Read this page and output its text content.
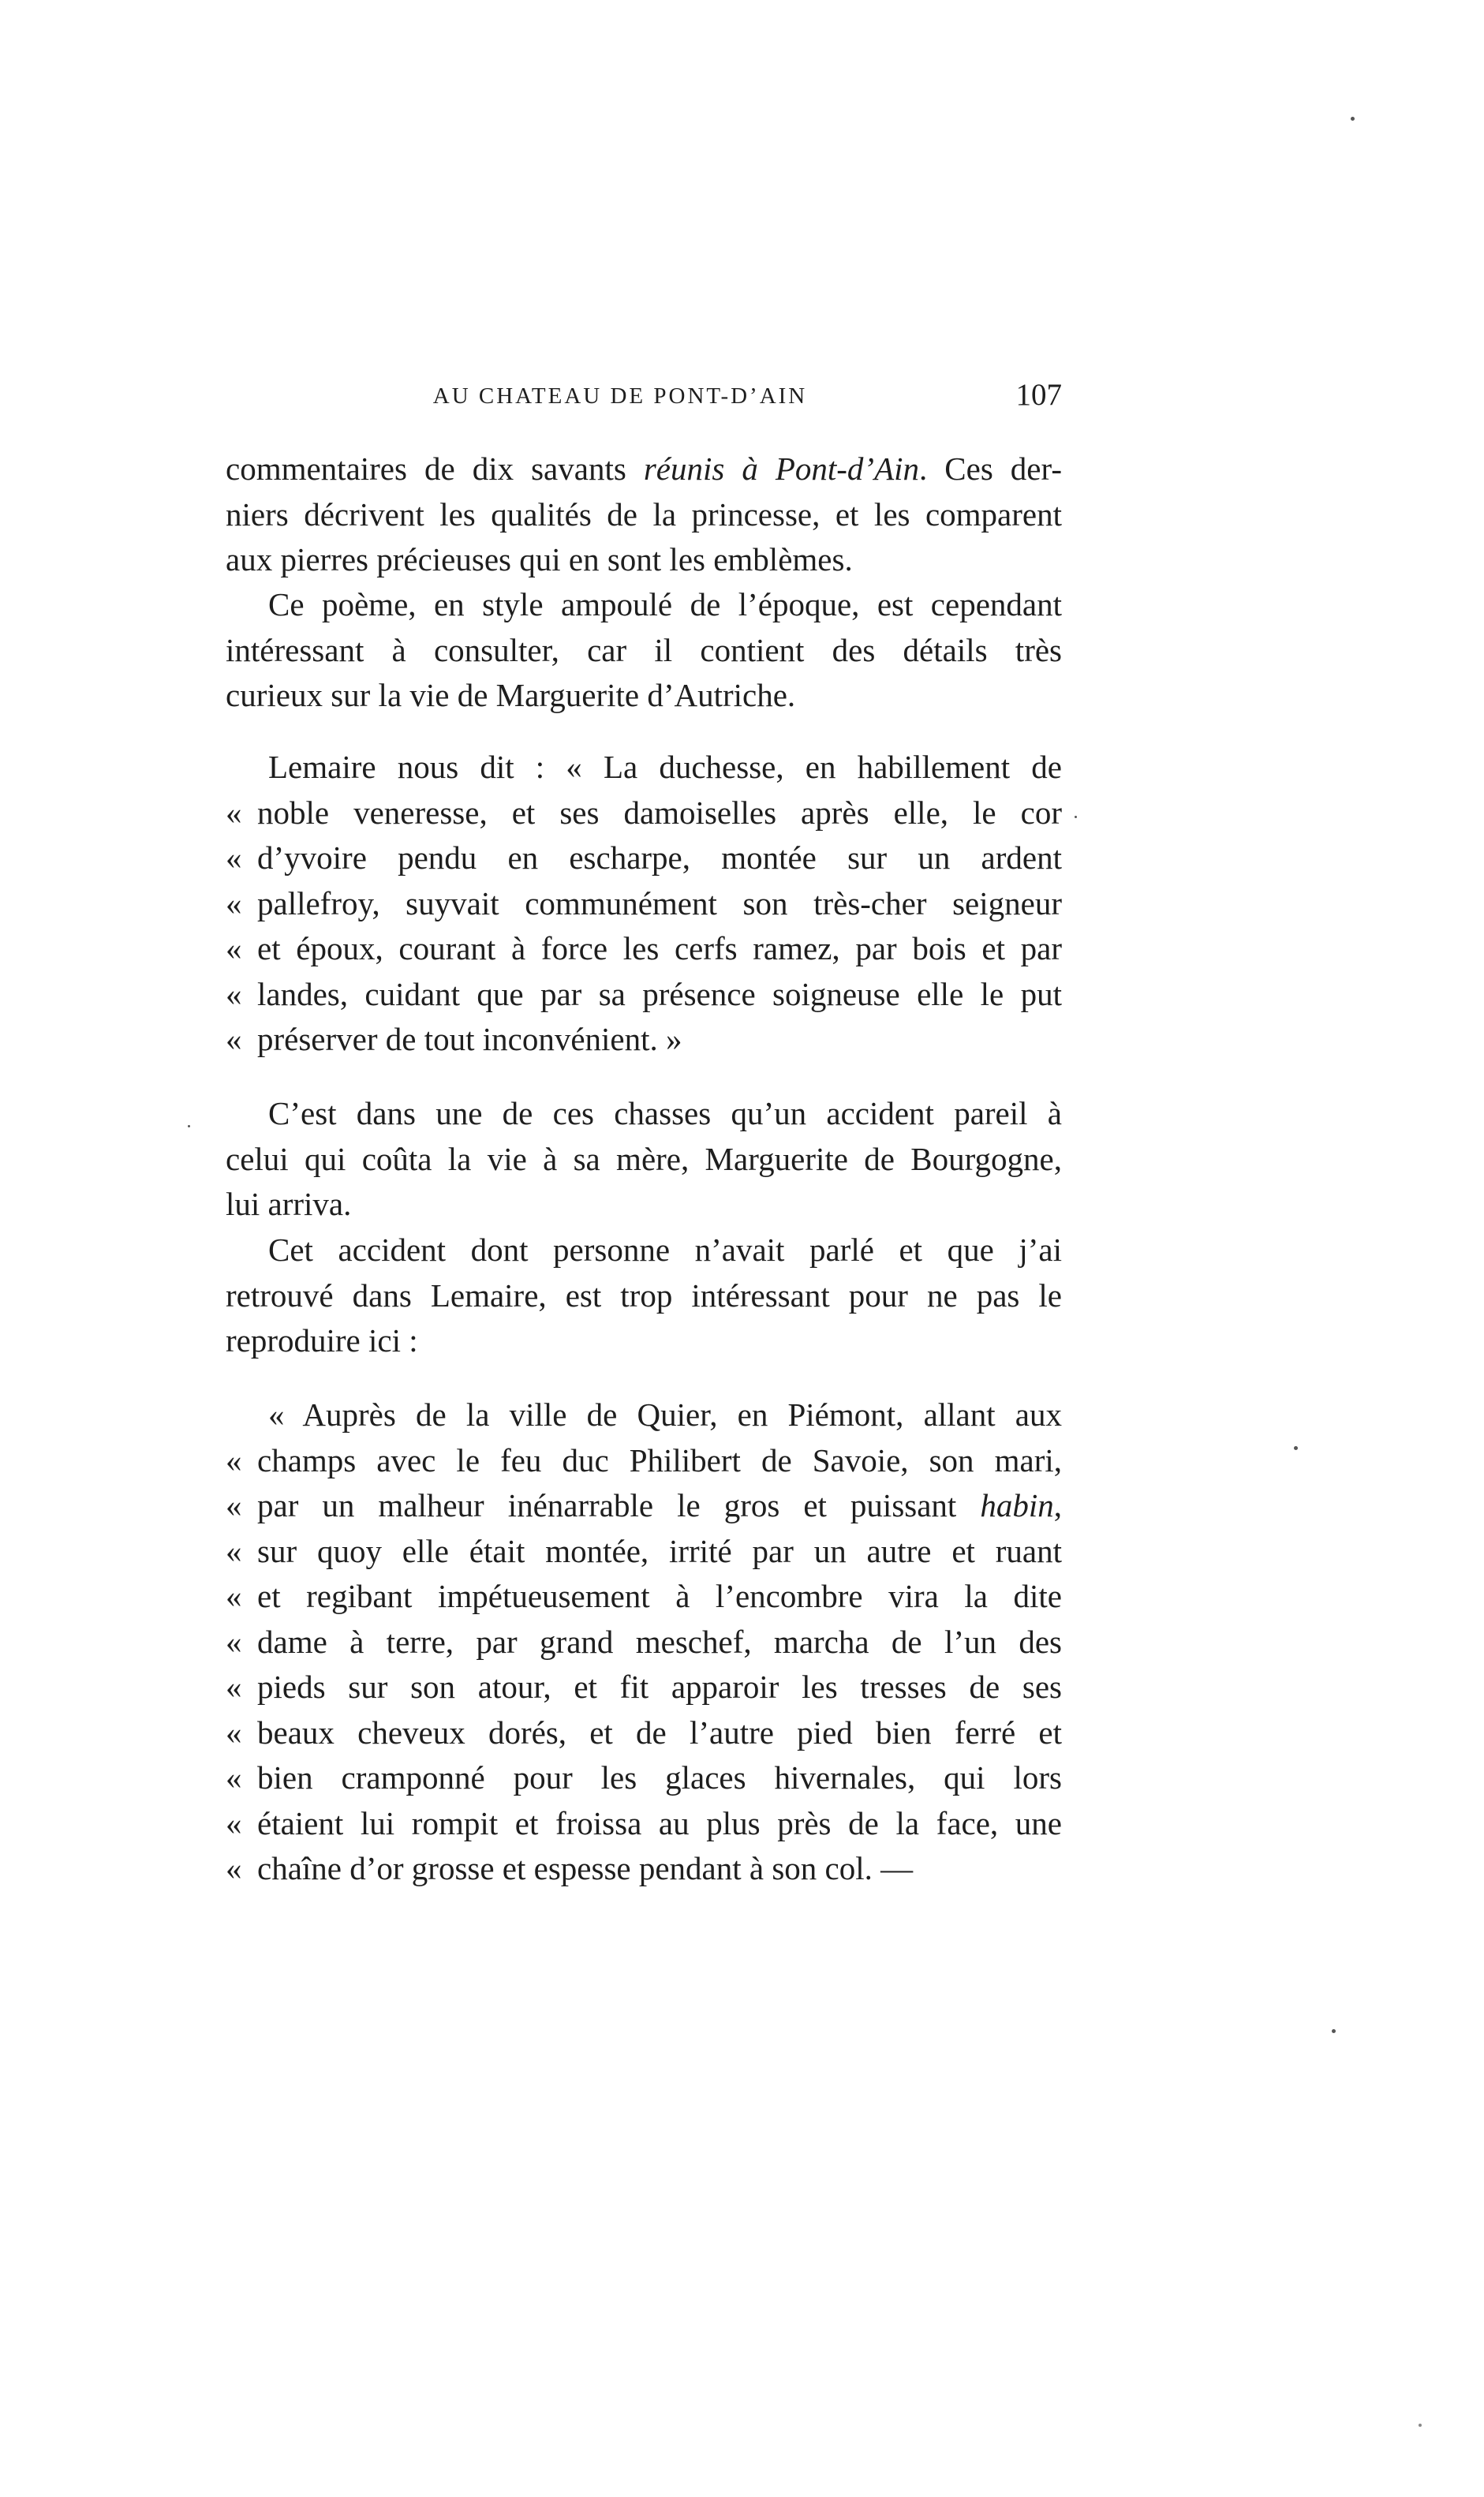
AU CHATEAU DE PONT-D’AIN	107
commentaires de dix savants réunis à Pont-d’Ain. Ces der-
niers décrivent les qualités de la princesse, et les comparent
aux pierres précieuses qui en sont les emblèmes.
Ce poème, en style ampoulé de l’époque, est cependant
intéressant à consulter, car il contient des détails très
curieux sur la vie de Marguerite d’Autriche.
Lemaire nous dit : « La duchesse, en habillement de
« noble veneresse, et ses damoiselles après elle, le cor
« d’yvoire pendu en escharpe, montée sur un ardent
« pallefroy, suyvait communément son très-cher seigneur
« et époux, courant à force les cerfs ramez, par bois et par
« landes, cuidant que par sa présence soigneuse elle le put
« préserver de tout inconvénient. »
C’est dans une de ces chasses qu’un accident pareil à
celui qui coûta la vie à sa mère, Marguerite de Bourgogne,
lui arriva.
Cet accident dont personne n’avait parlé et que j’ai
retrouvé dans Lemaire, est trop intéressant pour ne pas le
reproduire ici :
« Auprès de la ville de Quier, en Piémont, allant aux
« champs avec le feu duc Philibert de Savoie, son mari,
« par un malheur inénarrable le gros et puissant habin,
« sur quoy elle était montée, irrité par un autre et ruant
« et regibant impétueusement à l’encombre vira la dite
« dame à terre, par grand meschef, marcha de l’un des
« pieds sur son atour, et fit apparoir les tresses de ses
« beaux cheveux dorés, et de l’autre pied bien ferré et
« bien cramponné pour les glaces hivernales, qui lors
« étaient lui rompit et froissa au plus près de la face, une
« chaîne d’or grosse et espesse pendant à son col. —
